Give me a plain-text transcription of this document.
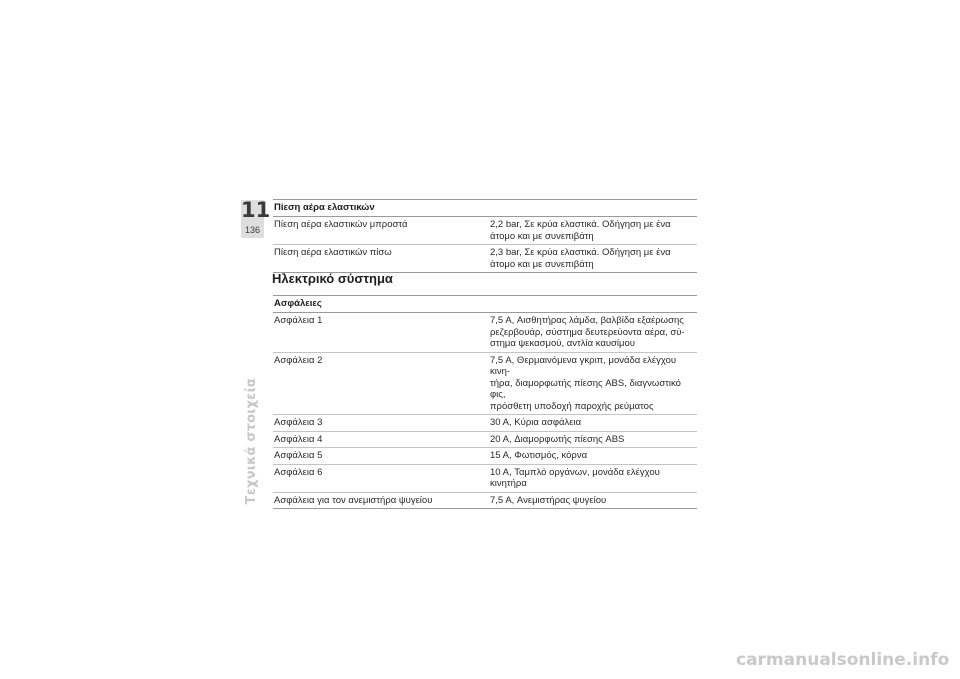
11
136
Τεχνικά στοιχεία
Πίεση αέρα ελαστικών
Πίεση αέρα ελαστικών μπροστά	2,2 bar, Σε κρύα ελαστικά. Οδήγηση με ένα
άτομο και με συνεπιβάτη
Πίεση αέρα ελαστικών πίσω	2,3 bar, Σε κρύα ελαστικά. Οδήγηση με ένα
άτομο και με συνεπιβάτη
Ηλεκτρικό σύστημα
Ασφάλειες
Ασφάλεια 1	7,5 A, Αισθητήρας λάμδα, βαλβίδα εξαέρωσης
ρεζερβουάρ, σύστημα δευτερεύοντα αέρα, σύ-
στημα ψεκασμού, αντλία καυσίμου
Ασφάλεια 2	7,5 A, Θερμαινόμενα γκριπ, μονάδα ελέγχου κινη-
τήρα, διαμορφωτής πίεσης ABS, διαγνωστικό φις,
πρόσθετη υποδοχή παροχής ρεύματος
Ασφάλεια 3	30 A, Κύρια ασφάλεια
Ασφάλεια 4	20 A, Διαμορφωτής πίεσης ABS
Ασφάλεια 5	15 A, Φωτισμός, κόρνα
Ασφάλεια 6	10 A, Ταμπλό οργάνων, μονάδα ελέγχου κινητήρα
Ασφάλεια για τον ανεμιστήρα ψυγείου	7,5 A, Ανεμιστήρας ψυγείου
carmanualsonline.info
